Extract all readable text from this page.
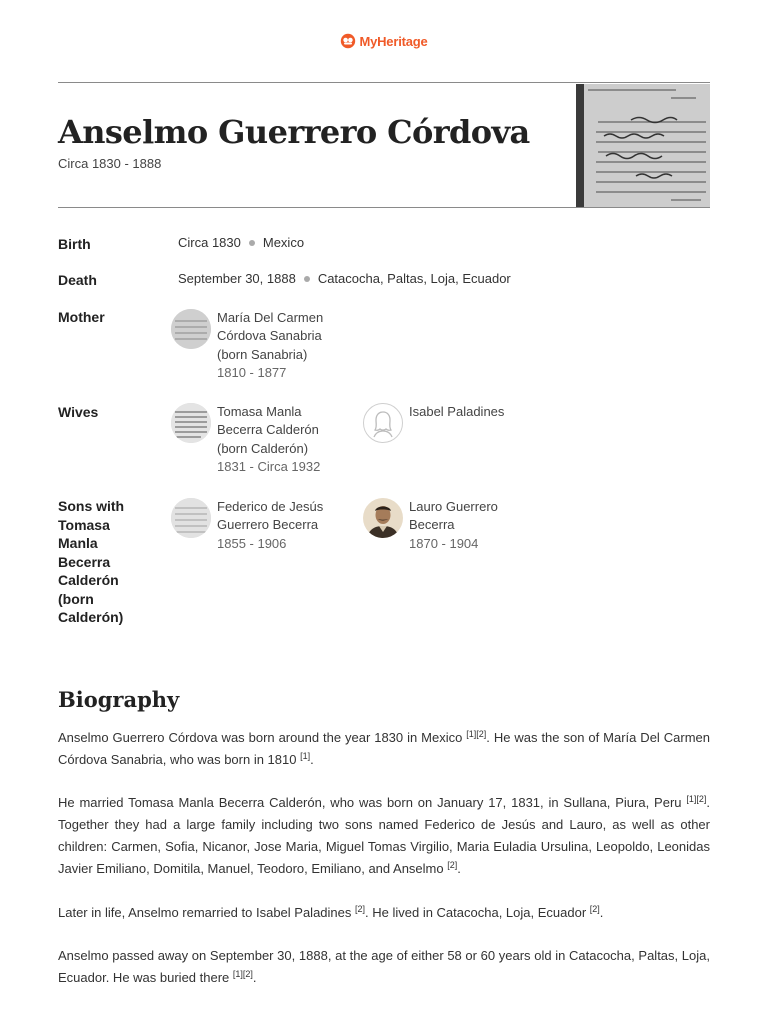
MyHeritage
Anselmo Guerrero Córdova
Circa 1830 - 1888
Birth	Circa 1830 Mexico
Death	September 30, 1888 Catacocha, Paltas, Loja, Ecuador
Mother	María Del Carmen
Córdova Sanabria
(born Sanabria)
1810 - 1877
Wives	Tomasa Manla
Becerra Calderón
(born Calderón)
1831 - Circa 1932
Isabel Paladines
Sons with
Tomasa
Manla
Becerra
Calderón
(born
Calderón)
Federico de Jesús
Guerrero Becerra
1855 - 1906
Lauro Guerrero
Becerra
1870 - 1904
Biography

Anselmo Guerrero Córdova was born around the year 1830 in Mexico [1][2]. He was the son of María Del Carmen Córdova Sanabria, who was born in 1810 [1].

He married Tomasa Manla Becerra Calderón, who was born on January 17, 1831, in Sullana, Piura, Peru [1][2]. Together they had a large family including two sons named Federico de Jesús and Lauro, as well as other children: Carmen, Sofia, Nicanor, Jose Maria, Miguel Tomas Virgilio, Maria Euladia Ursulina, Leopoldo, Leonidas Javier Emiliano, Domitila, Manuel, Teodoro, Emiliano, and Anselmo [2].

Later in life, Anselmo remarried to Isabel Paladines [2]. He lived in Catacocha, Loja, Ecuador [2].

Anselmo passed away on September 30, 1888, at the age of either 58 or 60 years old in Catacocha, Paltas, Loja, Ecuador. He was buried there [1][2].
